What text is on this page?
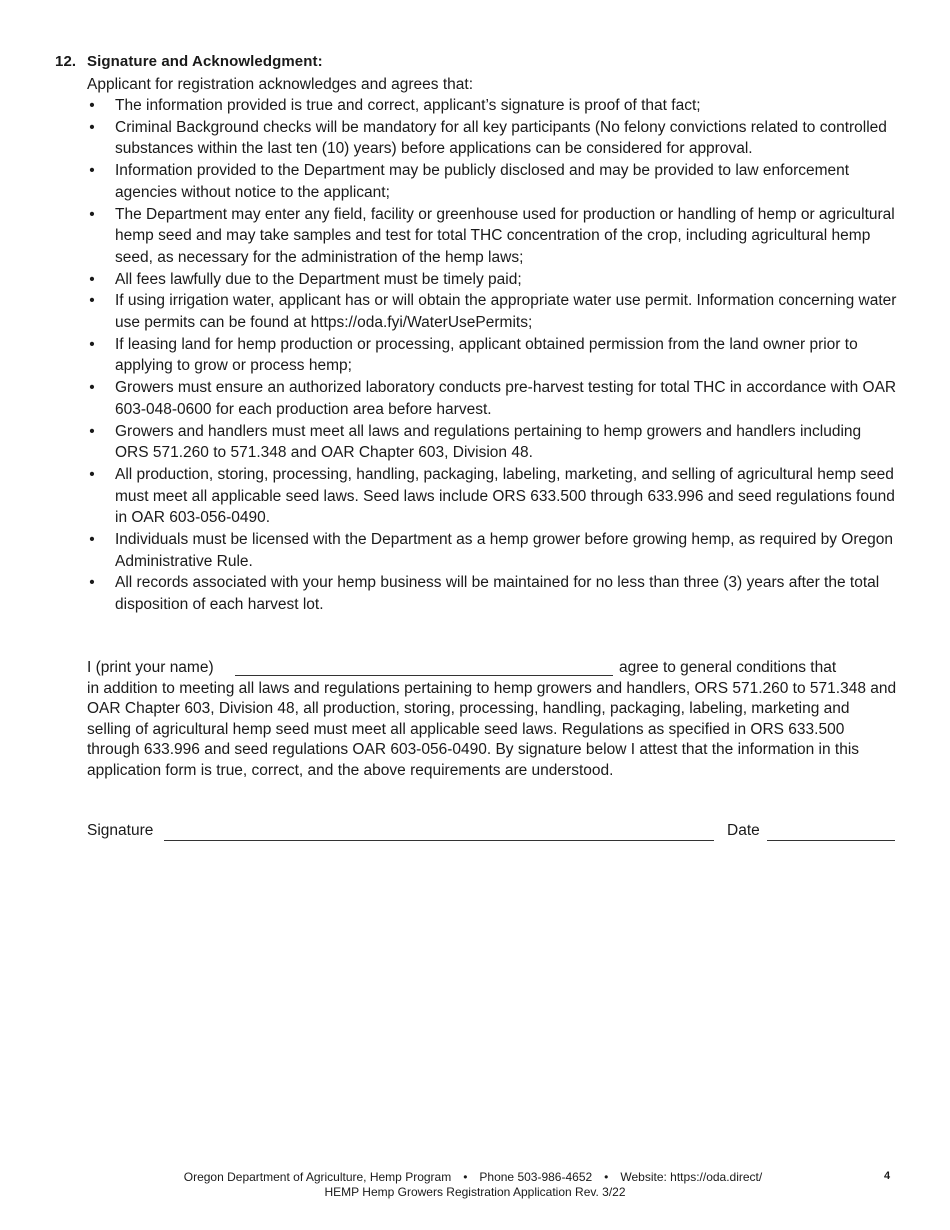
12. Signature and Acknowledgment:
Applicant for registration acknowledges and agrees that:
• The information provided is true and correct, applicant’s signature is proof of that fact;
• Criminal Background checks will be mandatory for all key participants (No felony convictions related to controlled substances within the last ten (10) years) before applications can be considered for approval.
• Information provided to the Department may be publicly disclosed and may be provided to law enforcement agencies without notice to the applicant;
• The Department may enter any field, facility or greenhouse used for production or handling of hemp or agricultural hemp seed and may take samples and test for total THC concentration of the crop, including agricultural hemp seed, as necessary for the administration of the hemp laws;
• All fees lawfully due to the Department must be timely paid;
• If using irrigation water, applicant has or will obtain the appropriate water use permit. Information concerning water use permits can be found at https://oda.fyi/WaterUsePermits;
• If leasing land for hemp production or processing, applicant obtained permission from the land owner prior to applying to grow or process hemp;
• Growers must ensure an authorized laboratory conducts pre-harvest testing for total THC in accordance with OAR 603-048-0600 for each production area before harvest.
• Growers and handlers must meet all laws and regulations pertaining to hemp growers and handlers including ORS 571.260 to 571.348 and OAR Chapter 603, Division 48.
• All production, storing, processing, handling, packaging, labeling, marketing, and selling of agricultural hemp seed must meet all applicable seed laws. Seed laws include ORS 633.500 through 633.996 and seed regulations found in OAR 603-056-0490.
• Individuals must be licensed with the Department as a hemp grower before growing hemp, as required by Oregon Administrative Rule.
• All records associated with your hemp business will be maintained for no less than three (3) years after the total disposition of each harvest lot.
I (print your name)	agree to general conditions that
in addition to meeting all laws and regulations pertaining to hemp growers and handlers, ORS 571.260 to 571.348 and OAR Chapter 603, Division 48, all production, storing, processing, handling, packaging, labeling, marketing and selling of agricultural hemp seed must meet all applicable seed laws. Regulations as specified in ORS 633.500 through 633.996 and seed regulations OAR 603-056-0490. By signature below I attest that the information in this application form is true, correct, and the above requirements are understood.
Signature	Date
Oregon Department of Agriculture, Hemp Program • Phone 503-986-4652 • Website: https://oda.direct/
HEMP Hemp Growers Registration Application Rev. 3/22
4
